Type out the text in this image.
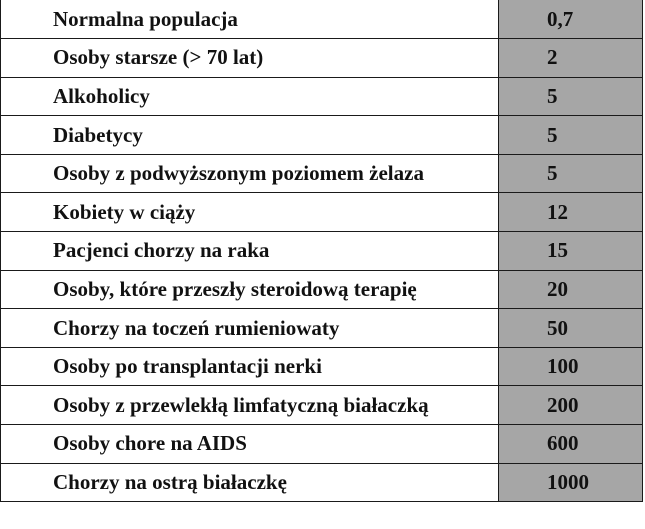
Normalna populacja	0,7
Osoby starsze (> 70 lat)	2
Alkoholicy	5
Diabetycy	5
Osoby z podwyższonym poziomem żelaza	5
Kobiety w ciąży	12
Pacjenci chorzy na raka	15
Osoby, które przeszły steroidową terapię	20
Chorzy na toczeń rumieniowaty	50
Osoby po transplantacji nerki	100
Osoby z przewlekłą limfatyczną białaczką	200
Osoby chore na AIDS	600
Chorzy na ostrą białaczkę	1000
